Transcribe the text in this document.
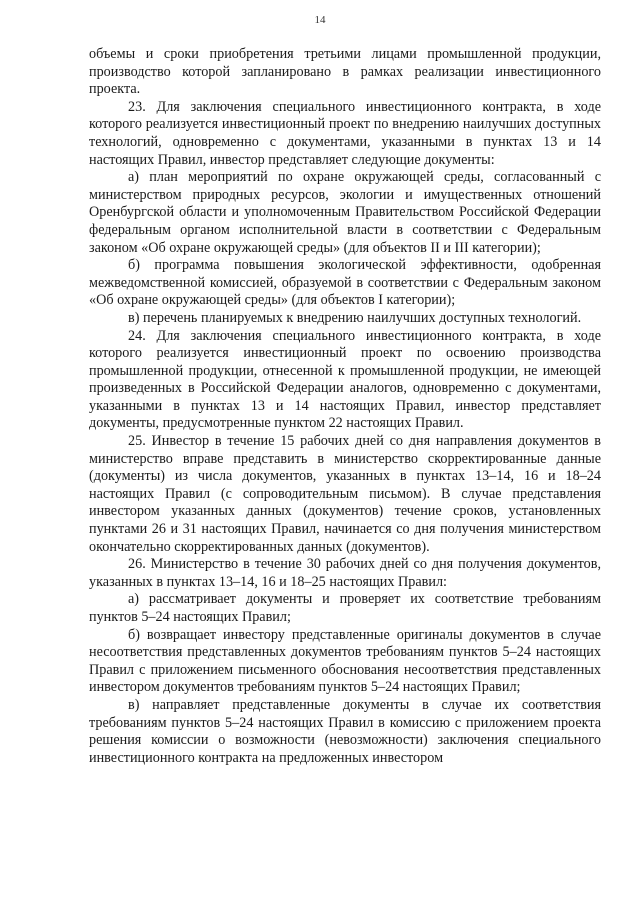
14

объемы и сроки приобретения третьими лицами промышленной продукции, производство которой запланировано в рамках реализации инвестиционного проекта.

23. Для заключения специального инвестиционного контракта, в ходе которого реализуется инвестиционный проект по внедрению наилучших доступных технологий, одновременно с документами, указанными в пунктах 13 и 14 настоящих Правил, инвестор представляет следующие документы:

а) план мероприятий по охране окружающей среды, согласованный с министерством природных ресурсов, экологии и имущественных отношений Оренбургской области и уполномоченным Правительством Российской Федерации федеральным органом исполнительной власти в соответствии с Федеральным законом «Об охране окружающей среды» (для объектов II и III категории);

б) программа повышения экологической эффективности, одобренная межведомственной комиссией, образуемой в соответствии с Федеральным законом «Об охране окружающей среды» (для объектов I категории);

в) перечень планируемых к внедрению наилучших доступных технологий.

24. Для заключения специального инвестиционного контракта, в ходе которого реализуется инвестиционный проект по освоению производства промышленной продукции, отнесенной к промышленной продукции, не имеющей произведенных в Российской Федерации аналогов, одновременно с документами, указанными в пунктах 13 и 14 настоящих Правил, инвестор представляет документы, предусмотренные пунктом 22 настоящих Правил.

25. Инвестор в течение 15 рабочих дней со дня направления документов в министерство вправе представить в министерство скорректированные данные (документы) из числа документов, указанных в пунктах 13–14, 16 и 18–24 настоящих Правил (с сопроводительным письмом). В случае представления инвестором указанных данных (документов) течение сроков, установленных пунктами 26 и 31 настоящих Правил, начинается со дня получения министерством окончательно скорректированных данных (документов).

26. Министерство в течение 30 рабочих дней со дня получения документов, указанных в пунктах 13–14, 16 и 18–25 настоящих Правил:

а) рассматривает документы и проверяет их соответствие требованиям пунктов 5–24 настоящих Правил;

б) возвращает инвестору представленные оригиналы документов в случае несоответствия представленных документов требованиям пунктов 5–24 настоящих Правил с приложением письменного обоснования несоответствия представленных инвестором документов требованиям пунктов 5–24 настоящих Правил;

в) направляет представленные документы в случае их соответствия требованиям пунктов 5–24 настоящих Правил в комиссию с приложением проекта решения комиссии о возможности (невозможности) заключения специального инвестиционного контракта на предложенных инвестором
